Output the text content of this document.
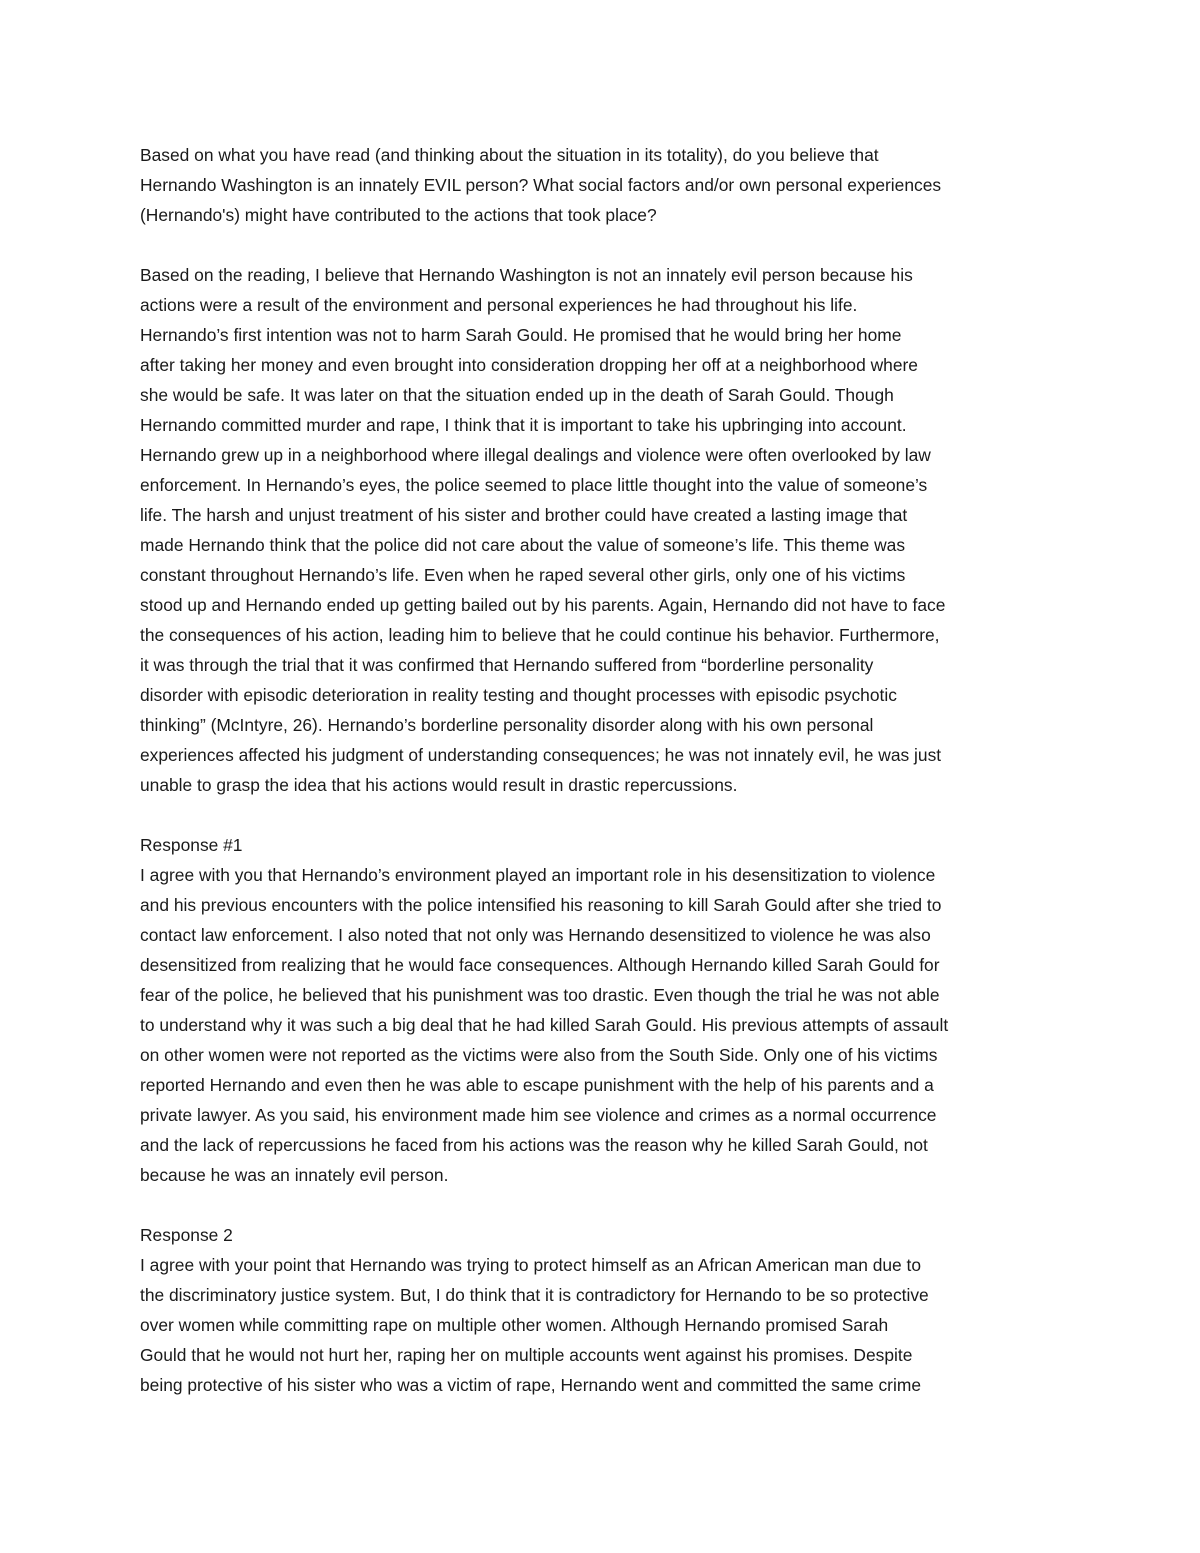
Based on what you have read (and thinking about the situation in its totality), do you believe that
Hernando Washington is an innately EVIL person? What social factors and/or own personal experiences
(Hernando's) might have contributed to the actions that took place?
Based on the reading, I believe that Hernando Washington is not an innately evil person because his
actions were a result of the environment and personal experiences he had throughout his life.
Hernando’s first intention was not to harm Sarah Gould. He promised that he would bring her home
after taking her money and even brought into consideration dropping her off at a neighborhood where
she would be safe. It was later on that the situation ended up in the death of Sarah Gould. Though
Hernando committed murder and rape, I think that it is important to take his upbringing into account.
Hernando grew up in a neighborhood where illegal dealings and violence were often overlooked by law
enforcement. In Hernando’s eyes, the police seemed to place little thought into the value of someone’s
life. The harsh and unjust treatment of his sister and brother could have created a lasting image that
made Hernando think that the police did not care about the value of someone’s life. This theme was
constant throughout Hernando’s life. Even when he raped several other girls, only one of his victims
stood up and Hernando ended up getting bailed out by his parents. Again, Hernando did not have to face
the consequences of his action, leading him to believe that he could continue his behavior. Furthermore,
it was through the trial that it was confirmed that Hernando suffered from “borderline personality
disorder with episodic deterioration in reality testing and thought processes with episodic psychotic
thinking” (McIntyre, 26). Hernando’s borderline personality disorder along with his own personal
experiences affected his judgment of understanding consequences; he was not innately evil, he was just
unable to grasp the idea that his actions would result in drastic repercussions.
Response #1
I agree with you that Hernando’s environment played an important role in his desensitization to violence
and his previous encounters with the police intensified his reasoning to kill Sarah Gould after she tried to
contact law enforcement. I also noted that not only was Hernando desensitized to violence he was also
desensitized from realizing that he would face consequences. Although Hernando killed Sarah Gould for
fear of the police, he believed that his punishment was too drastic. Even though the trial he was not able
to understand why it was such a big deal that he had killed Sarah Gould. His previous attempts of assault
on other women were not reported as the victims were also from the South Side. Only one of his victims
reported Hernando and even then he was able to escape punishment with the help of his parents and a
private lawyer. As you said, his environment made him see violence and crimes as a normal occurrence
and the lack of repercussions he faced from his actions was the reason why he killed Sarah Gould, not
because he was an innately evil person.
Response 2
I agree with your point that Hernando was trying to protect himself as an African American man due to
the discriminatory justice system. But, I do think that it is contradictory for Hernando to be so protective
over women while committing rape on multiple other women. Although Hernando promised Sarah
Gould that he would not hurt her, raping her on multiple accounts went against his promises. Despite
being protective of his sister who was a victim of rape, Hernando went and committed the same crime
